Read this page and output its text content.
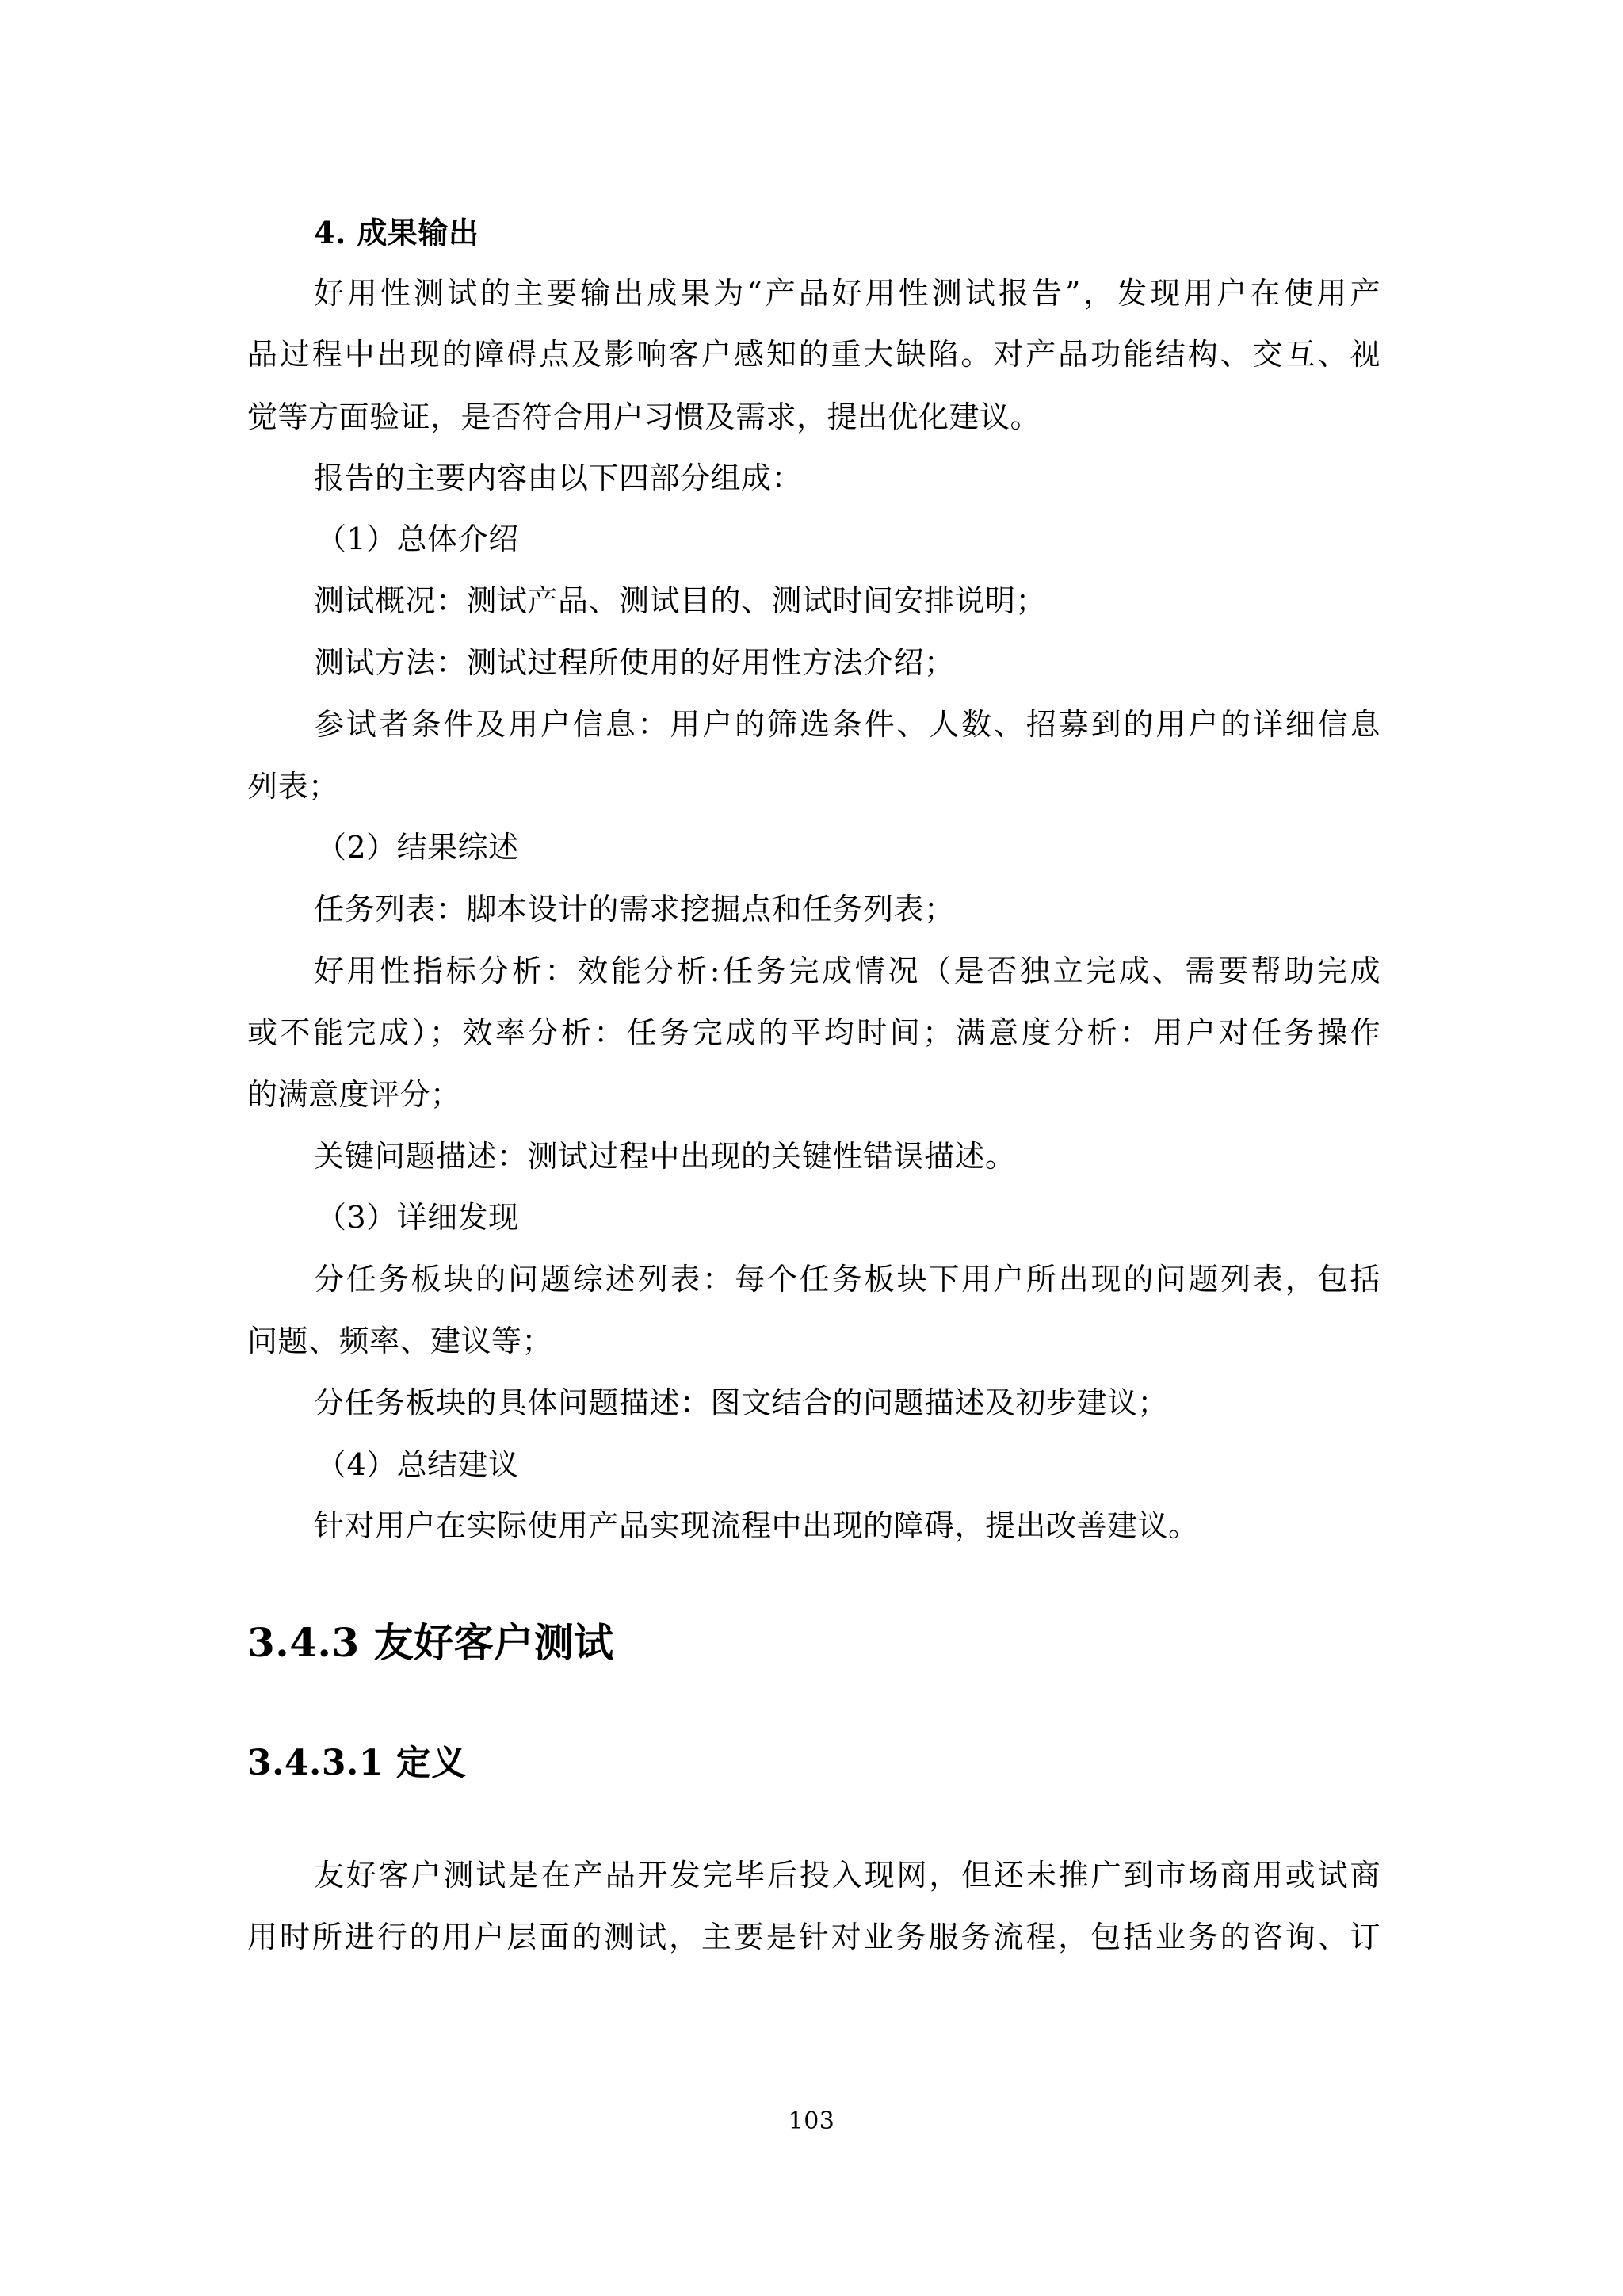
4. 成果输出
好用性测试的主要输出成果为“产品好用性测试报告”，发现用户在使用产
品过程中出现的障碍点及影响客户感知的重大缺陷。对产品功能结构、交互、视
觉等方面验证，是否符合用户习惯及需求，提出优化建议。
报告的主要内容由以下四部分组成：
（1）总体介绍
测试概况：测试产品、测试目的、测试时间安排说明；
测试方法：测试过程所使用的好用性方法介绍；
参试者条件及用户信息：用户的筛选条件、人数、招募到的用户的详细信息
列表；
（2）结果综述
任务列表：脚本设计的需求挖掘点和任务列表；
好用性指标分析：效能分析:任务完成情况（是否独立完成、需要帮助完成
或不能完成）；效率分析：任务完成的平均时间；满意度分析：用户对任务操作
的满意度评分；
关键问题描述：测试过程中出现的关键性错误描述。
（3）详细发现
分任务板块的问题综述列表：每个任务板块下用户所出现的问题列表，包括
问题、频率、建议等；
分任务板块的具体问题描述：图文结合的问题描述及初步建议；
（4）总结建议
针对用户在实际使用产品实现流程中出现的障碍，提出改善建议。
3.4.3 友好客户测试
3.4.3.1 定义
友好客户测试是在产品开发完毕后投入现网，但还未推广到市场商用或试商
用时所进行的用户层面的测试，主要是针对业务服务流程，包括业务的咨询、订
103
